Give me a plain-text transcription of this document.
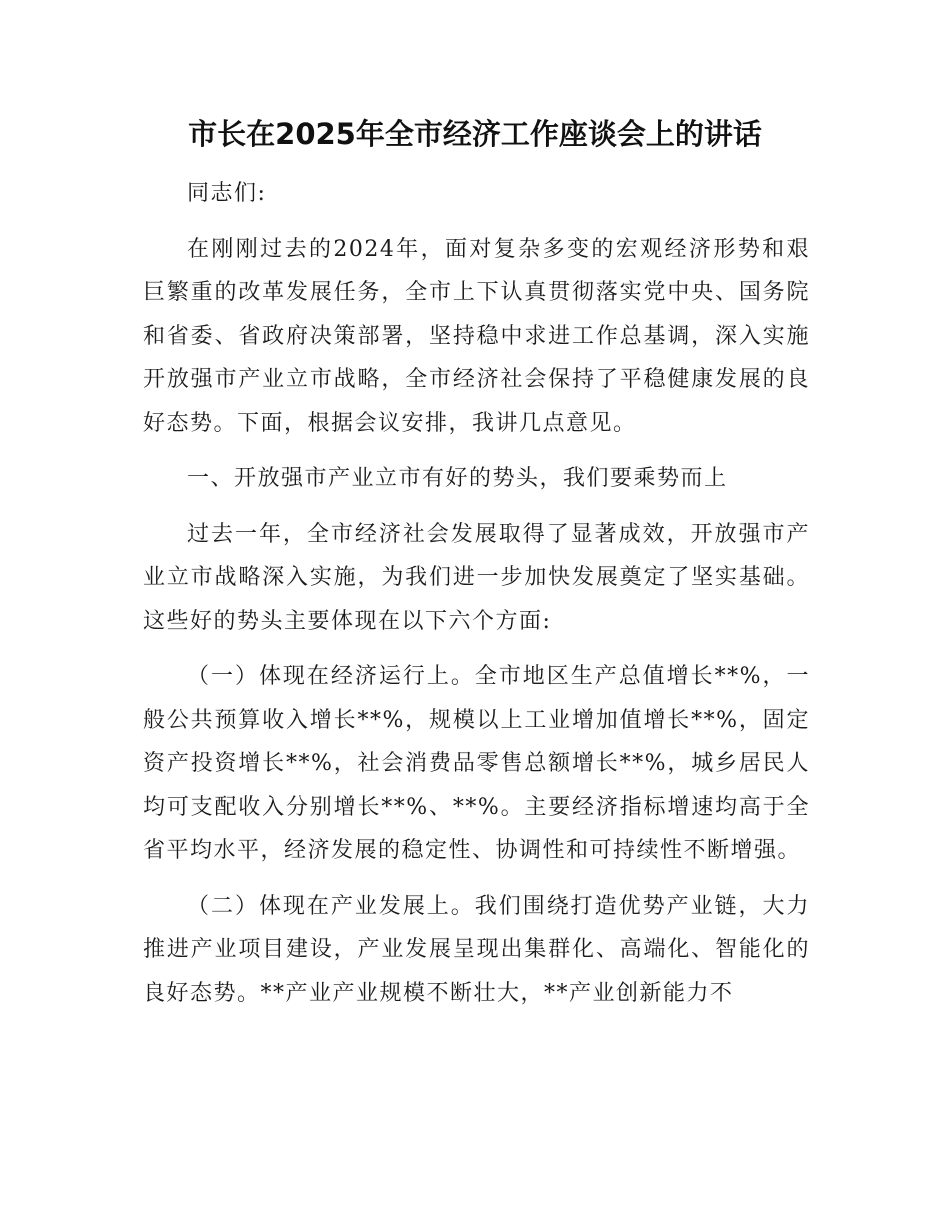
市长在2025年全市经济工作座谈会上的讲话

同志们:

在刚刚过去的2024年，面对复杂多变的宏观经济形势和艰巨繁重的改革发展任务，全市上下认真贯彻落实党中央、国务院和省委、省政府决策部署，坚持稳中求进工作总基调，深入实施开放强市产业立市战略，全市经济社会保持了平稳健康发展的良好态势。下面，根据会议安排，我讲几点意见。

一、开放强市产业立市有好的势头，我们要乘势而上

过去一年，全市经济社会发展取得了显著成效，开放强市产业立市战略深入实施，为我们进一步加快发展奠定了坚实基础。这些好的势头主要体现在以下六个方面:

（一）体现在经济运行上。全市地区生产总值增长**%，一般公共预算收入增长**%，规模以上工业增加值增长**%，固定资产投资增长**%，社会消费品零售总额增长**%，城乡居民人均可支配收入分别增长**%、**%。主要经济指标增速均高于全省平均水平，经济发展的稳定性、协调性和可持续性不断增强。

（二）体现在产业发展上。我们围绕打造优势产业链，大力推进产业项目建设，产业发展呈现出集群化、高端化、智能化的良好态势。**产业产业规模不断壮大，**产业创新能力不
